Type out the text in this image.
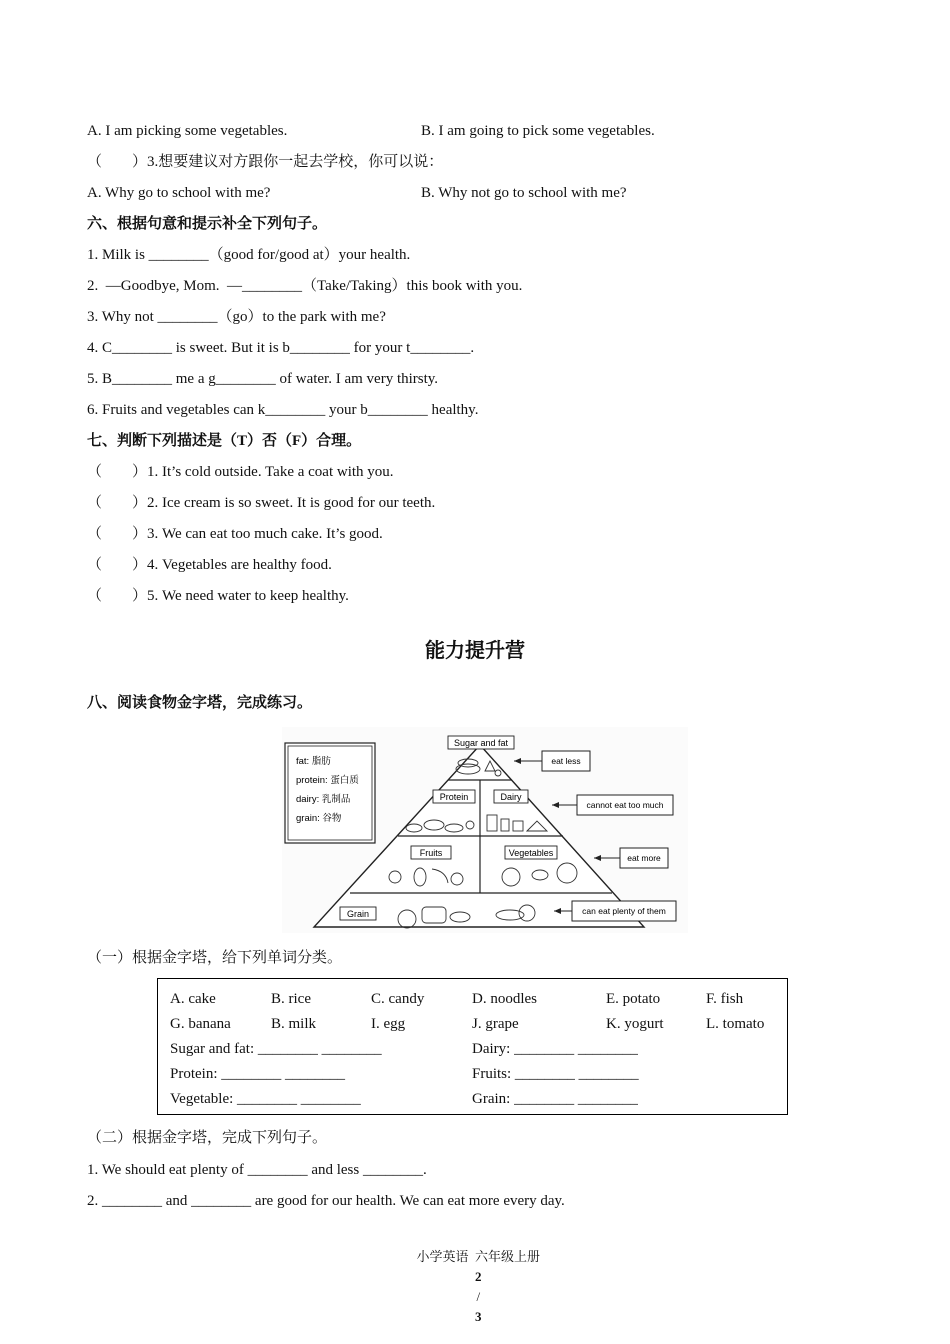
A. I am picking some vegetables.	B. I am going to pick some vegetables.
（　　）3.想要建议对方跟你一起去学校，你可以说：
A. Why go to school with me?	B. Why not go to school with me?
六、根据句意和提示补全下列句子。
1. Milk is ________（good for/good at）your health.
2.  —Goodbye, Mom.  —________（Take/Taking）this book with you.
3. Why not ________（go）to the park with me?
4. C________ is sweet. But it is b________ for your t________.
5. B________ me a g________ of water. I am very thirsty.
6. Fruits and vegetables can k________ your b________ healthy.
七、判断下列描述是（T）否（F）合理。
（　　）1. It’s cold outside. Take a coat with you.
（　　）2. Ice cream is so sweet. It is good for our teeth.
（　　）3. We can eat too much cake. It’s good.
（　　）4. Vegetables are healthy food.
（　　）5. We need water to keep healthy.
能力提升营
八、阅读食物金字塔，完成练习。
fat: 脂肪
protein: 蛋白质
dairy: 乳制品
grain: 谷物
Sugar and fat
Protein	Dairy
Fruits	Vegetables
Grain
eat less
cannot eat too much
eat more
can eat plenty of them
（一）根据金字塔，给下列单词分类。
A. cake	B. rice	C. candy	D. noodles	E. potato	F. fish
G. banana	B. milk	I. egg	J. grape	K. yogurt	L. tomato
Sugar and fat: ________ ________	Dairy: ________ ________
Protein: ________ ________	Fruits: ________ ________
Vegetable: ________ ________	Grain: ________ ________
（二）根据金字塔，完成下列句子。
1. We should eat plenty of ________ and less ________.
2. ________ and ________ are good for our health. We can eat more every day.

小学英语  六年级上册
2
/
3
